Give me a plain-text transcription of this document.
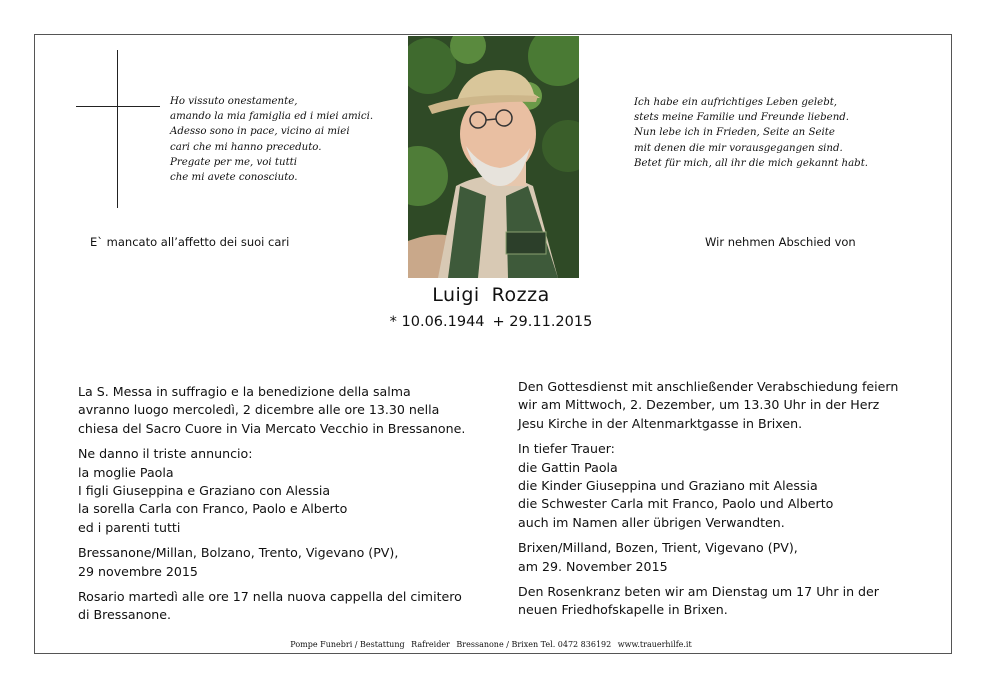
Ho vissuto onestamente,
amando la mia famiglia ed i miei amici.
Adesso sono in pace, vicino ai miei
cari che mi hanno preceduto.
Pregate per me, voi tutti
che mi avete conosciuto.
Ich habe ein aufrichtiges Leben gelebt,
stets meine Familie und Freunde liebend.
Nun lebe ich in Frieden, Seite an Seite
mit denen die mir vorausgegangen sind.
Betet für mich, all ihr die mich gekannt habt.
E` mancato all’affetto dei suoi cari	Wir nehmen Abschied von
Luigi Rozza
* 10.06.1944 + 29.11.2015

La S. Messa in suffragio e la benedizione della salma
avranno luogo mercoledì, 2 dicembre alle ore 13.30 nella
chiesa del Sacro Cuore in Via Mercato Vecchio in Bressanone.

Ne danno il triste annuncio:
la moglie Paola
I figli Giuseppina e Graziano con Alessia
la sorella Carla con Franco, Paolo e Alberto
ed i parenti tutti

Bressanone/Millan, Bolzano, Trento, Vigevano (PV),
29 novembre 2015

Rosario martedì alle ore 17 nella nuova cappella del cimitero
di Bressanone.

Den Gottesdienst mit anschließender Verabschiedung feiern
wir am Mittwoch, 2. Dezember, um 13.30 Uhr in der Herz
Jesu Kirche in der Altenmarktgasse in Brixen.

In tiefer Trauer:
die Gattin Paola
die Kinder Giuseppina und Graziano mit Alessia
die Schwester Carla mit Franco, Paolo und Alberto
auch im Namen aller übrigen Verwandten.

Brixen/Milland, Bozen, Trient, Vigevano (PV),
am 29. November 2015

Den Rosenkranz beten wir am Dienstag um 17 Uhr in der
neuen Friedhofskapelle in Brixen.

Pompe Funebri / Bestattung Rafreider Bressanone / Brixen Tel. 0472 836192 www.trauerhilfe.it
